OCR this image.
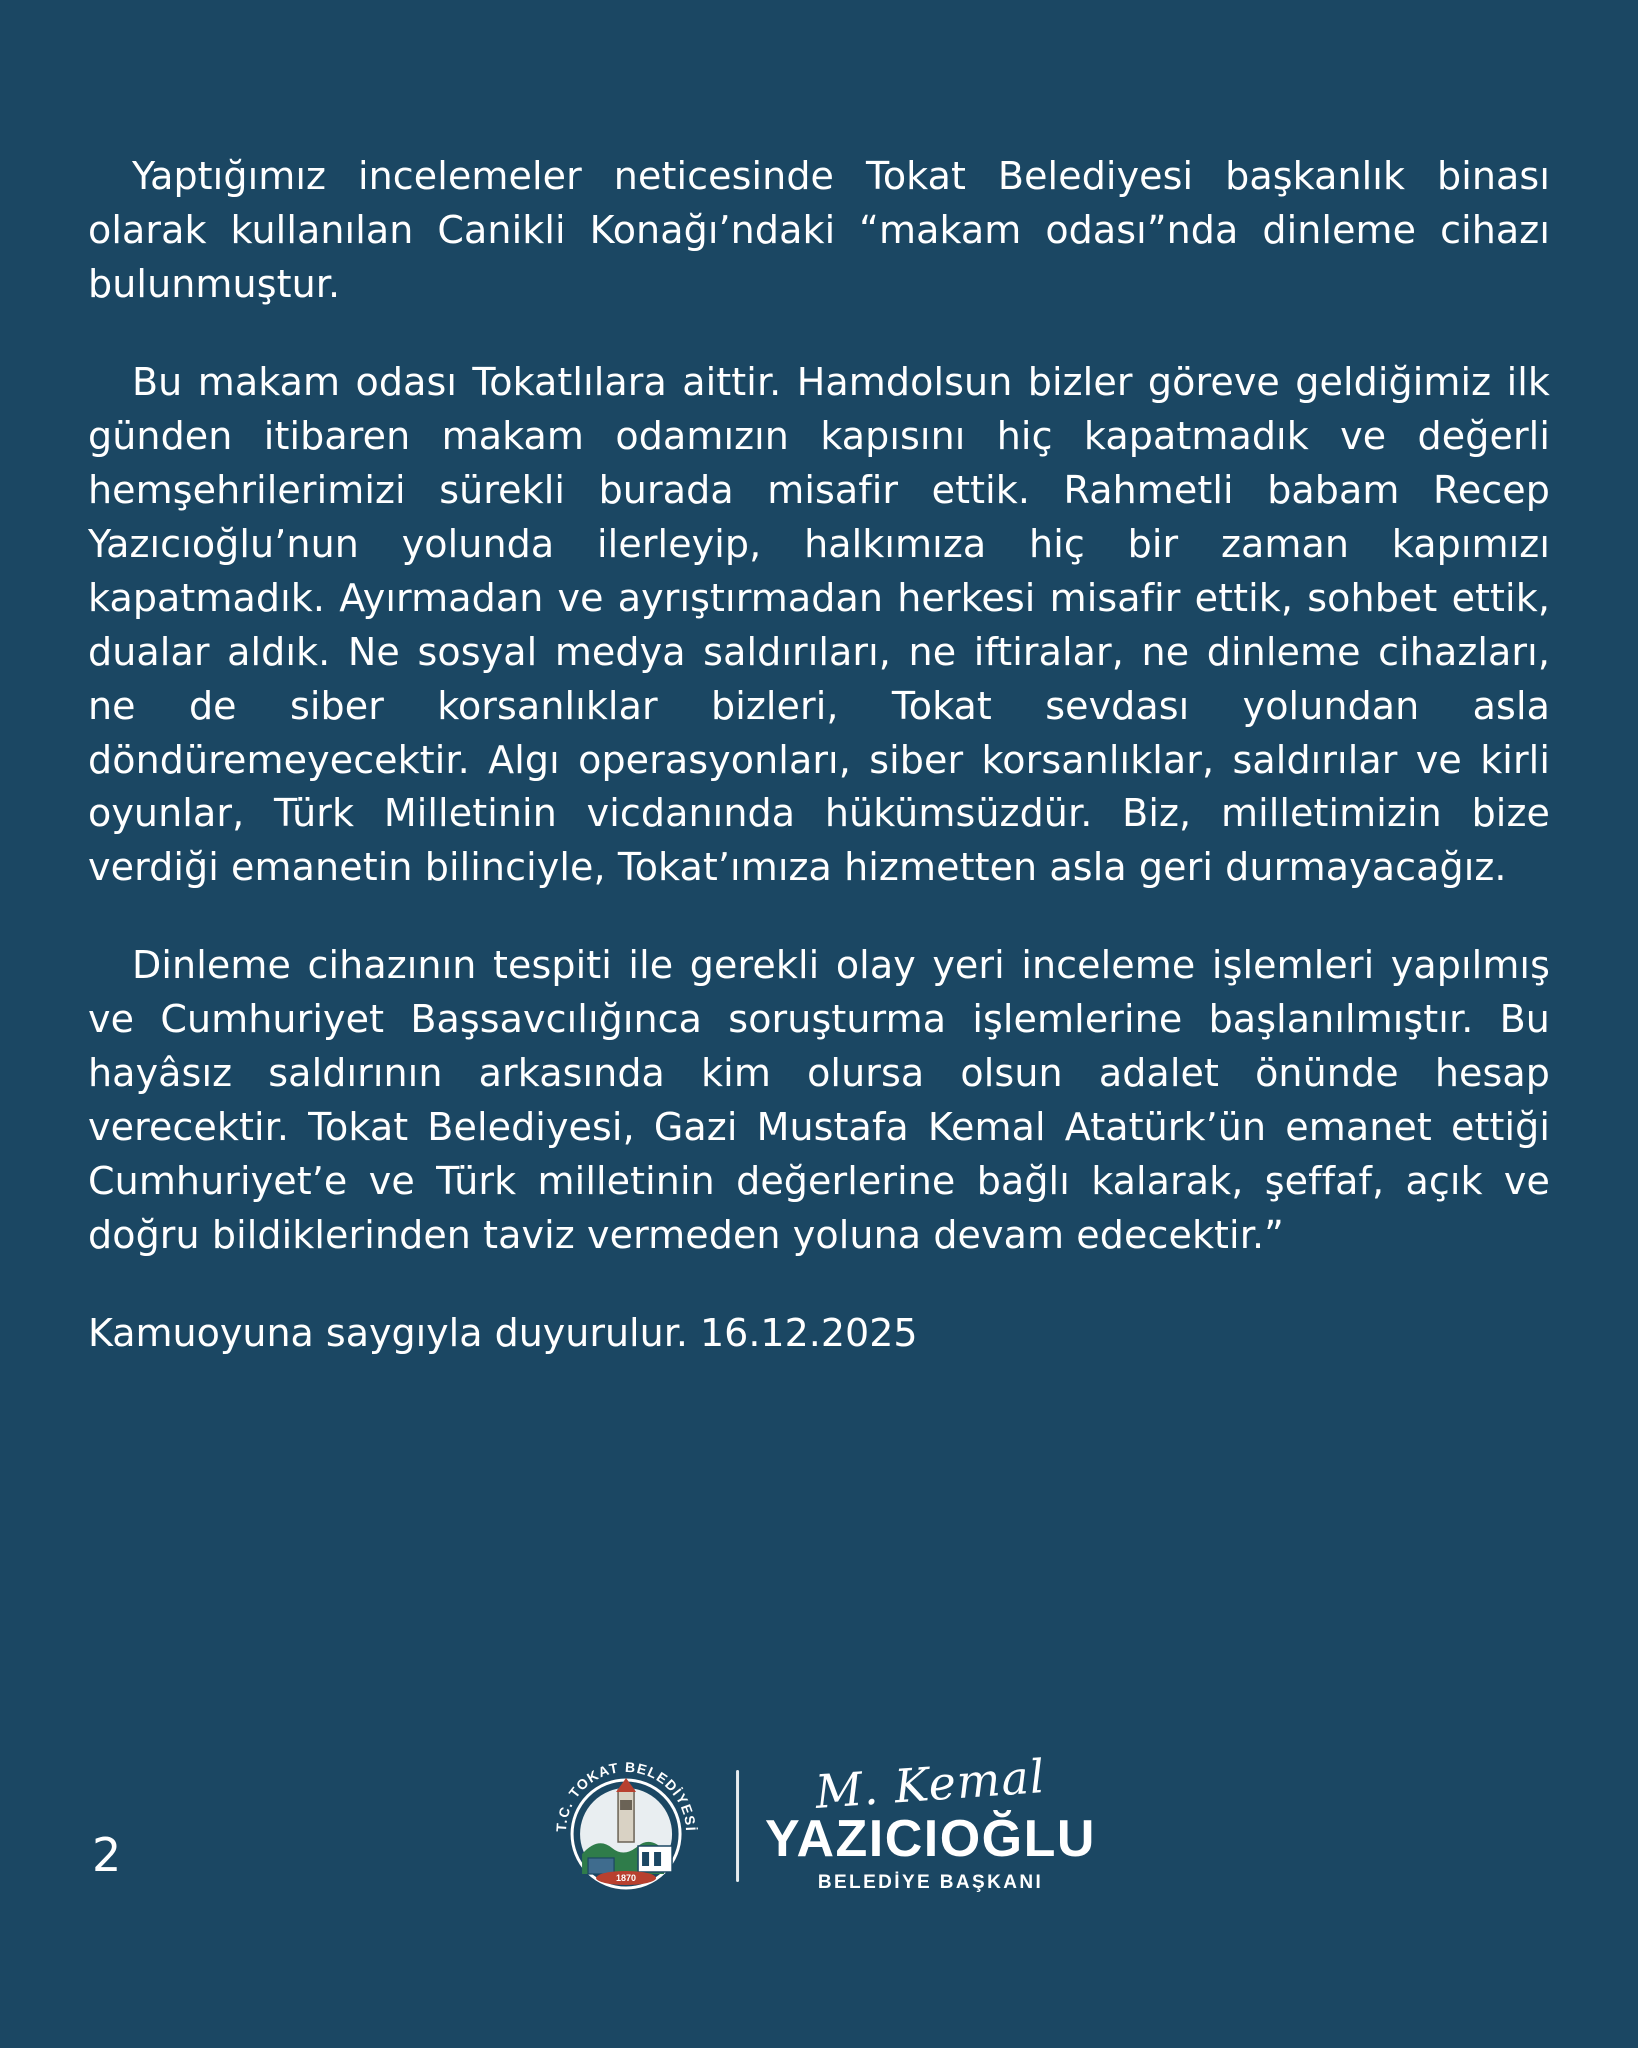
Yaptığımız incelemeler neticesinde Tokat Belediyesi başkanlık binası olarak kullanılan Canikli Konağı’ndaki “makam odası”nda dinleme cihazı bulunmuştur.

Bu makam odası Tokatlılara aittir. Hamdolsun bizler göreve geldiğimiz ilk günden itibaren makam odamızın kapısını hiç kapatmadık ve değerli hemşehrilerimizi sürekli burada misafir ettik. Rahmetli babam Recep Yazıcıoğlu’nun yolunda ilerleyip, halkımıza hiç bir zaman kapımızı kapatmadık. Ayırmadan ve ayrıştırmadan herkesi misafir ettik, sohbet ettik, dualar aldık. Ne sosyal medya saldırıları, ne iftiralar, ne dinleme cihazları, ne de siber korsanlıklar bizleri, Tokat sevdası yolundan asla döndüremeyecektir. Algı operasyonları, siber korsanlıklar, saldırılar ve kirli oyunlar, Türk Milletinin vicdanında hükümsüzdür. Biz, milletimizin bize verdiği emanetin bilinciyle, Tokat’ımıza hizmetten asla geri durmayacağız.

Dinleme cihazının tespiti ile gerekli olay yeri inceleme işlemleri yapılmış ve Cumhuriyet Başsavcılığınca soruşturma işlemlerine başlanılmıştır. Bu hayâsız saldırının arkasında kim olursa olsun adalet önünde hesap verecektir. Tokat Belediyesi, Gazi Mustafa Kemal Atatürk’ün emanet ettiği Cumhuriyet’e ve Türk milletinin değerlerine bağlı kalarak, şeffaf, açık ve doğru bildiklerinden taviz vermeden yoluna devam edecektir.”

Kamuoyuna saygıyla duyurulur. 16.12.2025

2	1870
T.C. TOKAT BELEDİYESİ
M. Kemal
YAZICIOĞLU
BELEDİYE BAŞKANI
